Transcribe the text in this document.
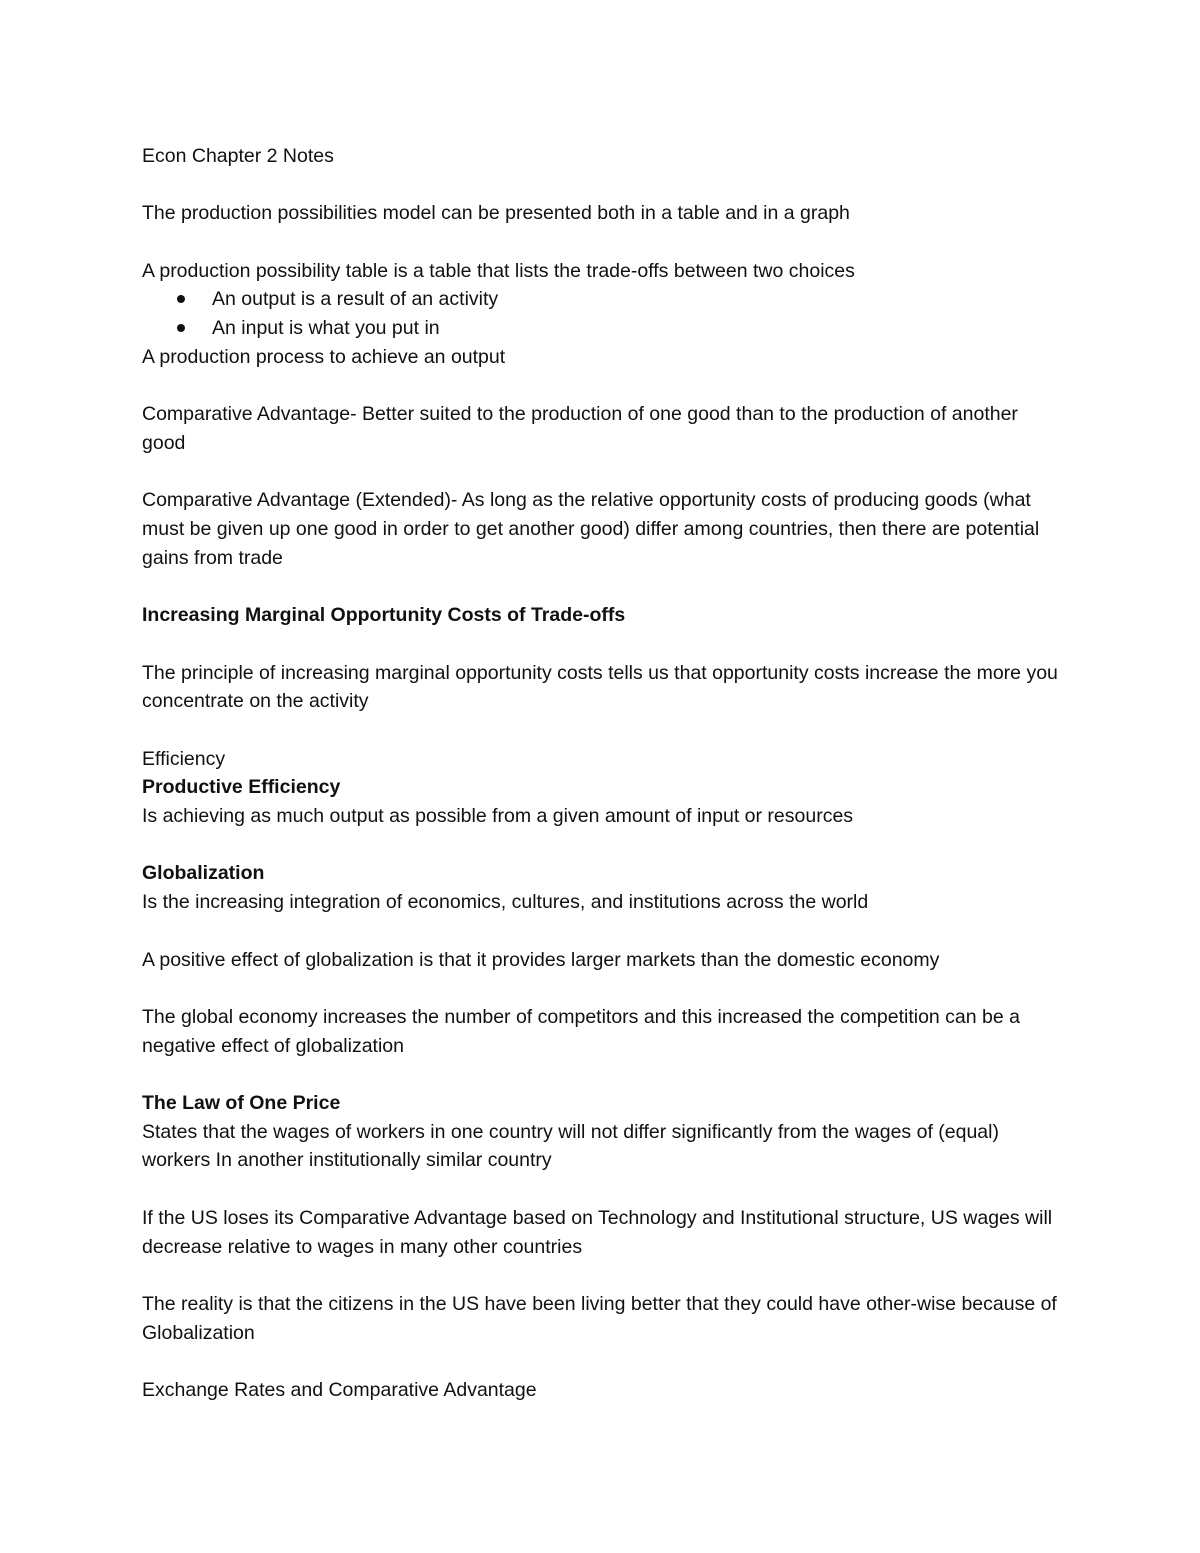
Econ Chapter 2 Notes

The production possibilities model can be presented both in a table and in a graph

A production possibility table is a table that lists the trade-offs between two choices

An output is a result of an activity
An input is what you put in

A production process to achieve an output

Comparative Advantage- Better suited to the production of one good than to the production of another good

Comparative Advantage (Extended)- As long as the relative opportunity costs of producing goods (what must be given up one good in order to get another good) differ among countries, then there are potential gains from trade

Increasing Marginal Opportunity Costs of Trade-offs

The principle of increasing marginal opportunity costs tells us that opportunity costs increase the more you concentrate on the activity

Efficiency

Productive Efficiency

Is achieving as much output as possible from a given amount of input or resources

Globalization

Is the increasing integration of economics, cultures, and institutions across the world

A positive effect of globalization is that it provides larger markets than the domestic economy

The global economy increases the number of competitors and this increased the competition can be a negative effect of globalization

The Law of One Price

States that the wages of workers in one country will not differ significantly from the wages of (equal) workers In another institutionally similar country

If the US loses its Comparative Advantage based on Technology and Institutional structure, US wages will decrease relative to wages in many other countries

The reality is that the citizens in the US have been living better that they could have other-wise because of Globalization

Exchange Rates and Comparative Advantage
